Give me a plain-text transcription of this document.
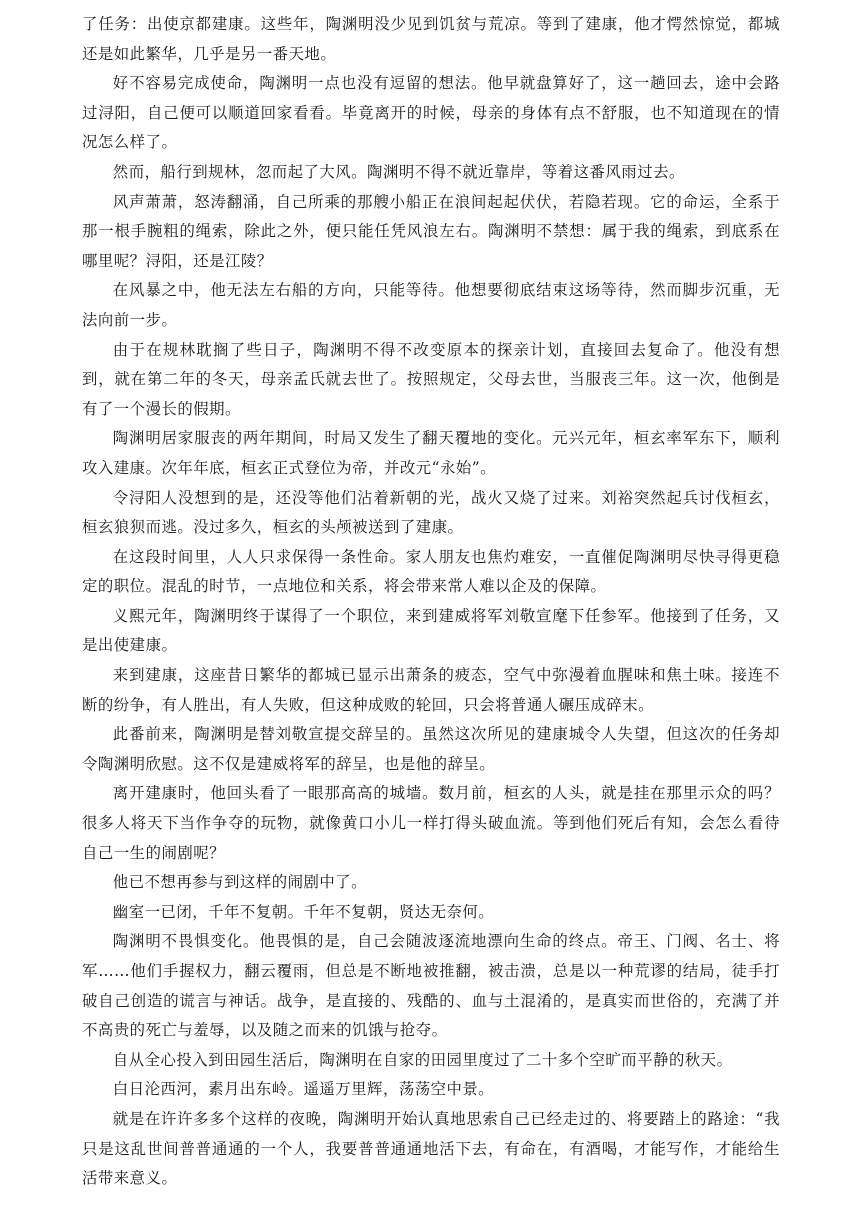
了任务：出使京都建康。这些年，陶渊明没少见到饥贫与荒凉。等到了建康，他才愕然惊觉，都城还是如此繁华，几乎是另一番天地。

好不容易完成使命，陶渊明一点也没有逗留的想法。他早就盘算好了，这一趟回去，途中会路过浔阳，自己便可以顺道回家看看。毕竟离开的时候，母亲的身体有点不舒服，也不知道现在的情况怎么样了。

然而，船行到规林，忽而起了大风。陶渊明不得不就近靠岸，等着这番风雨过去。

风声萧萧，怒涛翻涌，自己所乘的那艘小船正在浪间起起伏伏，若隐若现。它的命运，全系于那一根手腕粗的绳索，除此之外，便只能任凭风浪左右。陶渊明不禁想：属于我的绳索，到底系在哪里呢？浔阳，还是江陵？

在风暴之中，他无法左右船的方向，只能等待。他想要彻底结束这场等待，然而脚步沉重，无法向前一步。

由于在规林耽搁了些日子，陶渊明不得不改变原本的探亲计划，直接回去复命了。他没有想到，就在第二年的冬天，母亲孟氏就去世了。按照规定，父母去世，当服丧三年。这一次，他倒是有了一个漫长的假期。

陶渊明居家服丧的两年期间，时局又发生了翻天覆地的变化。元兴元年，桓玄率军东下，顺利攻入建康。次年年底，桓玄正式登位为帝，并改元“永始”。

令浔阳人没想到的是，还没等他们沾着新朝的光，战火又烧了过来。刘裕突然起兵讨伐桓玄，桓玄狼狈而逃。没过多久，桓玄的头颅被送到了建康。

在这段时间里，人人只求保得一条性命。家人朋友也焦灼难安，一直催促陶渊明尽快寻得更稳定的职位。混乱的时节，一点地位和关系，将会带来常人难以企及的保障。

义熙元年，陶渊明终于谋得了一个职位，来到建威将军刘敬宣麾下任参军。他接到了任务，又是出使建康。

来到建康，这座昔日繁华的都城已显示出萧条的疲态，空气中弥漫着血腥味和焦土味。接连不断的纷争，有人胜出，有人失败，但这种成败的轮回，只会将普通人碾压成碎末。

此番前来，陶渊明是替刘敬宣提交辞呈的。虽然这次所见的建康城令人失望，但这次的任务却令陶渊明欣慰。这不仅是建威将军的辞呈，也是他的辞呈。

离开建康时，他回头看了一眼那高高的城墙。数月前，桓玄的人头，就是挂在那里示众的吗？很多人将天下当作争夺的玩物，就像黄口小儿一样打得头破血流。等到他们死后有知，会怎么看待自己一生的闹剧呢？

他已不想再参与到这样的闹剧中了。

幽室一已闭，千年不复朝。千年不复朝，贤达无奈何。

陶渊明不畏惧变化。他畏惧的是，自己会随波逐流地漂向生命的终点。帝王、门阀、名士、将军……他们手握权力，翻云覆雨，但总是不断地被推翻，被击溃，总是以一种荒谬的结局，徒手打破自己创造的谎言与神话。战争，是直接的、残酷的、血与土混淆的，是真实而世俗的，充满了并不高贵的死亡与羞辱，以及随之而来的饥饿与抢夺。

自从全心投入到田园生活后，陶渊明在自家的田园里度过了二十多个空旷而平静的秋天。

白日沦西河，素月出东岭。遥遥万里辉，荡荡空中景。

就是在许许多多个这样的夜晚，陶渊明开始认真地思索自己已经走过的、将要踏上的路途：“我只是这乱世间普普通通的一个人，我要普普通通地活下去，有命在，有酒喝，才能写作，才能给生活带来意义。
